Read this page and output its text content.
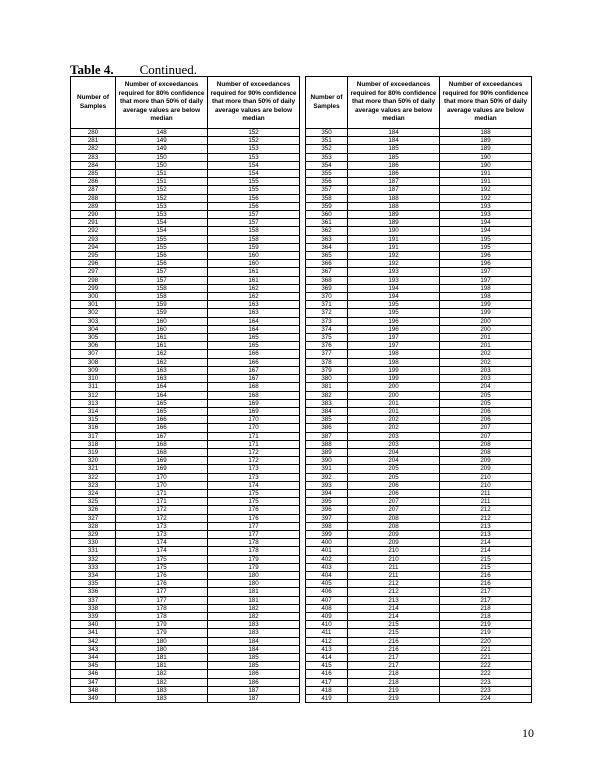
Table 4. Continued.
Number of Samples	Number of exceedances required for 80% confidence that more than 50% of daily average values are below median	Number of exceedances required for 90% confidence that more than 50% of daily average values are below median
280	148	152
281	149	152
282	149	153
283	150	153
284	150	154
285	151	154
286	151	155
287	152	155
288	152	156
289	153	156
290	153	157
291	154	157
292	154	158
293	155	158
294	155	159
295	156	160
296	156	160
297	157	161
298	157	161
299	158	162
300	158	162
301	159	163
302	159	163
303	160	164
304	160	164
305	161	165
306	161	165
307	162	166
308	162	166
309	163	167
310	163	167
311	164	168
312	164	168
313	165	169
314	165	169
315	166	170
316	166	170
317	167	171
318	168	171
319	168	172
320	169	172
321	169	173
322	170	173
323	170	174
324	171	175
325	171	175
326	172	176
327	172	176
328	173	177
329	173	177
330	174	178
331	174	178
332	175	179
333	175	179
334	176	180
335	176	180
336	177	181
337	177	181
338	178	182
339	178	182
340	179	183
341	179	183
342	180	184
343	180	184
344	181	185
345	181	185
346	182	186
347	182	186
348	183	187
349	183	187
Number of Samples	Number of exceedances required for 80% confidence that more than 50% of daily average values are below median	Number of exceedances required for 90% confidence that more than 50% of daily average values are below median
350	184	188
351	184	189
352	185	189
353	185	190
354	186	190
355	186	191
356	187	191
357	187	192
358	188	192
359	188	193
360	189	193
361	189	194
362	190	194
363	191	195
364	191	195
365	192	196
366	192	196
367	193	197
368	193	197
369	194	198
370	194	198
371	195	199
372	195	199
373	196	200
374	196	200
375	197	201
376	197	201
377	198	202
378	198	202
379	199	203
380	199	203
381	200	204
382	200	205
383	201	205
384	201	206
385	202	206
386	202	207
387	203	207
388	203	208
389	204	208
390	204	209
391	205	209
392	205	210
393	206	210
394	206	211
395	207	211
396	207	212
397	208	212
398	208	213
399	209	213
400	209	214
401	210	214
402	210	215
403	211	215
404	211	216
405	212	216
406	212	217
407	213	217
408	214	218
409	214	218
410	215	219
411	215	219
412	216	220
413	216	221
414	217	221
415	217	222
416	218	222
417	218	223
418	219	223
419	219	224
10
